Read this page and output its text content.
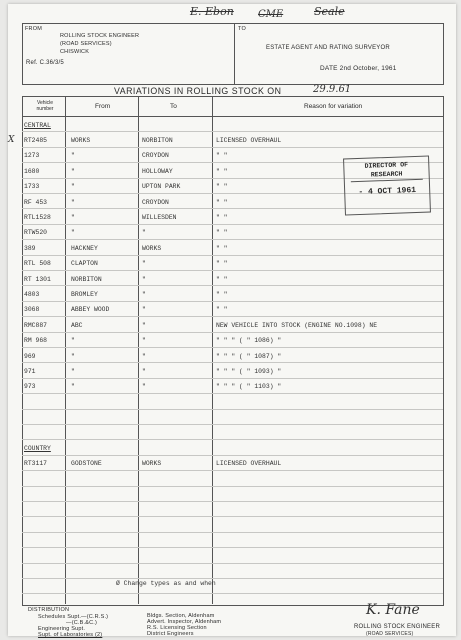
E. Ebon CME	Seale
FROM	TO
ROLLING STOCK ENGINEER
(ROAD SERVICES)
CHISWICK
Ref. C.36/3/5
ESTATE AGENT AND RATING SURVEYOR
DATE 2nd October, 1961
VARIATIONS IN ROLLING STOCK ON	29.9.61
Vehicle number	From	To	Reason for variation
X
CENTRAL
RT2485	WORKS	NORBITON	LICENSED OVERHAUL
1273	"	CROYDON	" "
1680	"	HOLLOWAY	" "
1733	"	UPTON PARK	" "
RF 453	"	CROYDON	" "
RTL1528	"	WILLESDEN	" "
RTW520	"	"	" "
389	HACKNEY	WORKS	" "
RTL 508	CLAPTON	"	" "
RT 1301	NORBITON	"	" "
4803	BROMLEY	"	" "
3068	ABBEY WOOD	"	" "
RMC887	ABC	"	NEW VEHICLE INTO STOCK (ENGINE NO.1098) NE
RM 968	"	"	" " " ( " 1086) "
969	"	"	" " " ( " 1087) "
971	"	"	" " " ( " 1093) "
973	"	"	" " " ( " 1103) "
COUNTRY
RT3117	GODSTONE	WORKS	LICENSED OVERHAUL
DIRECTOR OF
RESEARCH
- 4 OCT 1961
Ø Change types as and when
DISTRIBUTION
Schedules Supt.—(C.R.S.)
—(C.B.&C.)
Engineering Supt.
Supt. of Laboratories (2)
Bldgs. Section, Aldenham
Advert. Inspector, Aldenham
R.S. Licensing Section
District Engineers
K. Fane
ROLLING STOCK ENGINEER
(ROAD SERVICES)
